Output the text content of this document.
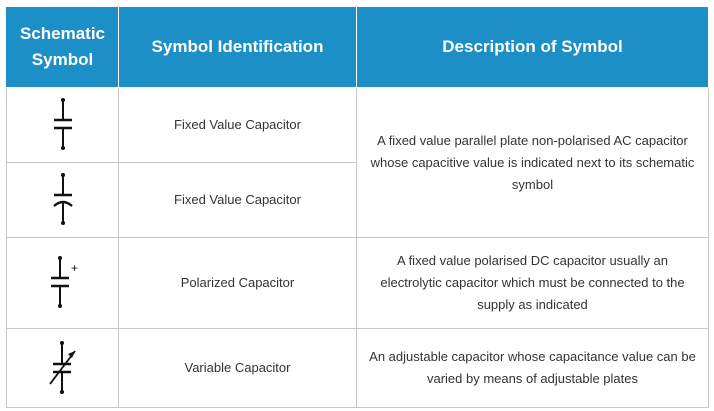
Schematic
Symbol	Symbol Identification	Description of Symbol

	Fixed Value Capacitor	A fixed value parallel plate non-polarised AC capacitor whose capacitive value is indicated next to its schematic symbol

	Fixed Value Capacitor	

+	Polarized Capacitor	A fixed value polarised DC capacitor usually an electrolytic capacitor which must be connected to the supply as indicated

	Variable Capacitor	An adjustable capacitor whose capacitance value can be varied by means of adjustable plates
